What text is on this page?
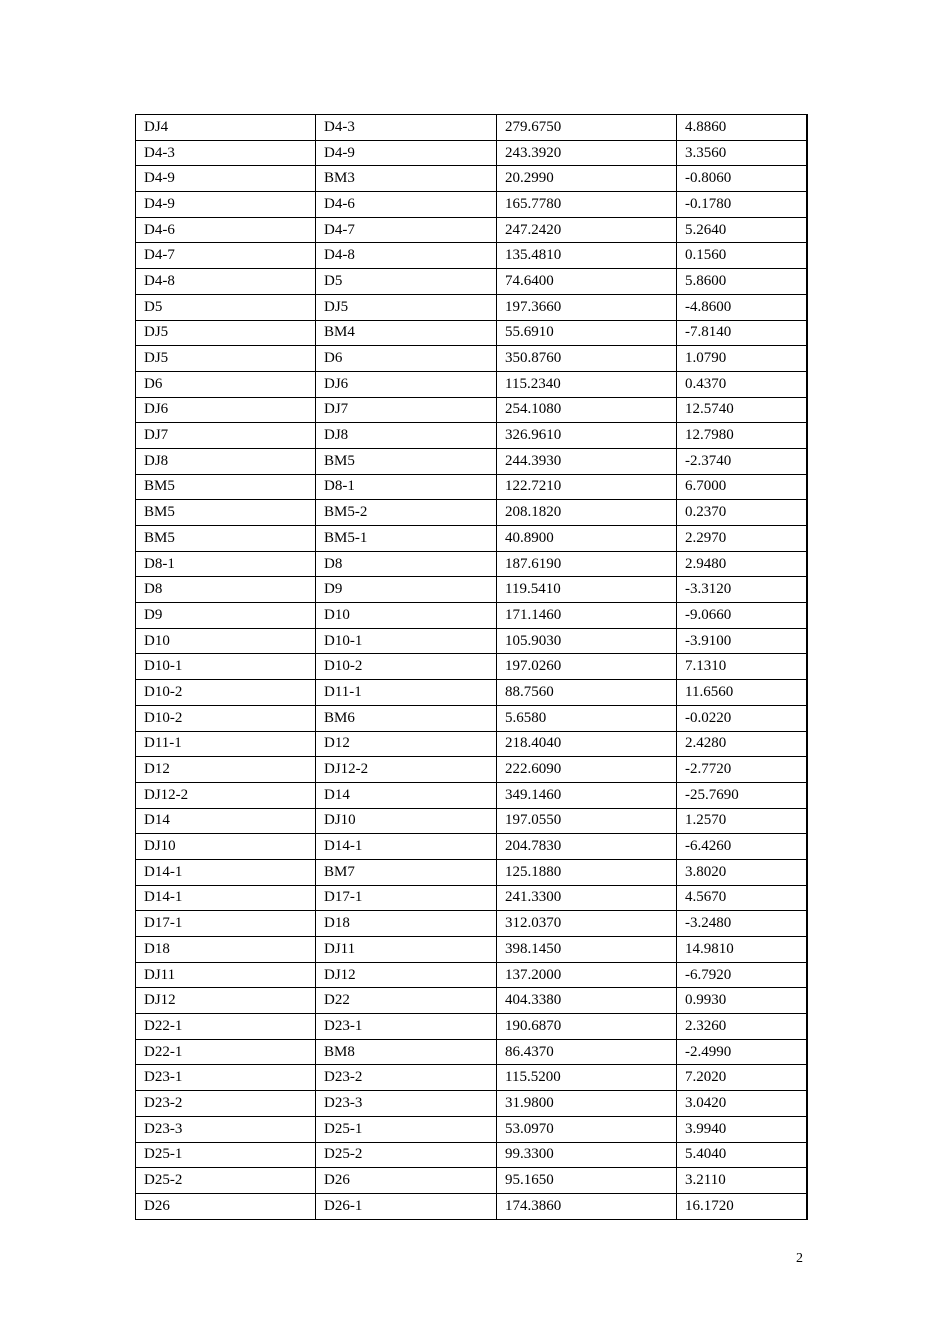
DJ4	D4-3	279.6750	4.8860
D4-3	D4-9	243.3920	3.3560
D4-9	BM3	20.2990	-0.8060
D4-9	D4-6	165.7780	-0.1780
D4-6	D4-7	247.2420	5.2640
D4-7	D4-8	135.4810	0.1560
D4-8	D5	74.6400	5.8600
D5	DJ5	197.3660	-4.8600
DJ5	BM4	55.6910	-7.8140
DJ5	D6	350.8760	1.0790
D6	DJ6	115.2340	0.4370
DJ6	DJ7	254.1080	12.5740
DJ7	DJ8	326.9610	12.7980
DJ8	BM5	244.3930	-2.3740
BM5	D8-1	122.7210	6.7000
BM5	BM5-2	208.1820	0.2370
BM5	BM5-1	40.8900	2.2970
D8-1	D8	187.6190	2.9480
D8	D9	119.5410	-3.3120
D9	D10	171.1460	-9.0660
D10	D10-1	105.9030	-3.9100
D10-1	D10-2	197.0260	7.1310
D10-2	D11-1	88.7560	11.6560
D10-2	BM6	5.6580	-0.0220
D11-1	D12	218.4040	2.4280
D12	DJ12-2	222.6090	-2.7720
DJ12-2	D14	349.1460	-25.7690
D14	DJ10	197.0550	1.2570
DJ10	D14-1	204.7830	-6.4260
D14-1	BM7	125.1880	3.8020
D14-1	D17-1	241.3300	4.5670
D17-1	D18	312.0370	-3.2480
D18	DJ11	398.1450	14.9810
DJ11	DJ12	137.2000	-6.7920
DJ12	D22	404.3380	0.9930
D22-1	D23-1	190.6870	2.3260
D22-1	BM8	86.4370	-2.4990
D23-1	D23-2	115.5200	7.2020
D23-2	D23-3	31.9800	3.0420
D23-3	D25-1	53.0970	3.9940
D25-1	D25-2	99.3300	5.4040
D25-2	D26	95.1650	3.2110
D26	D26-1	174.3860	16.1720
2
